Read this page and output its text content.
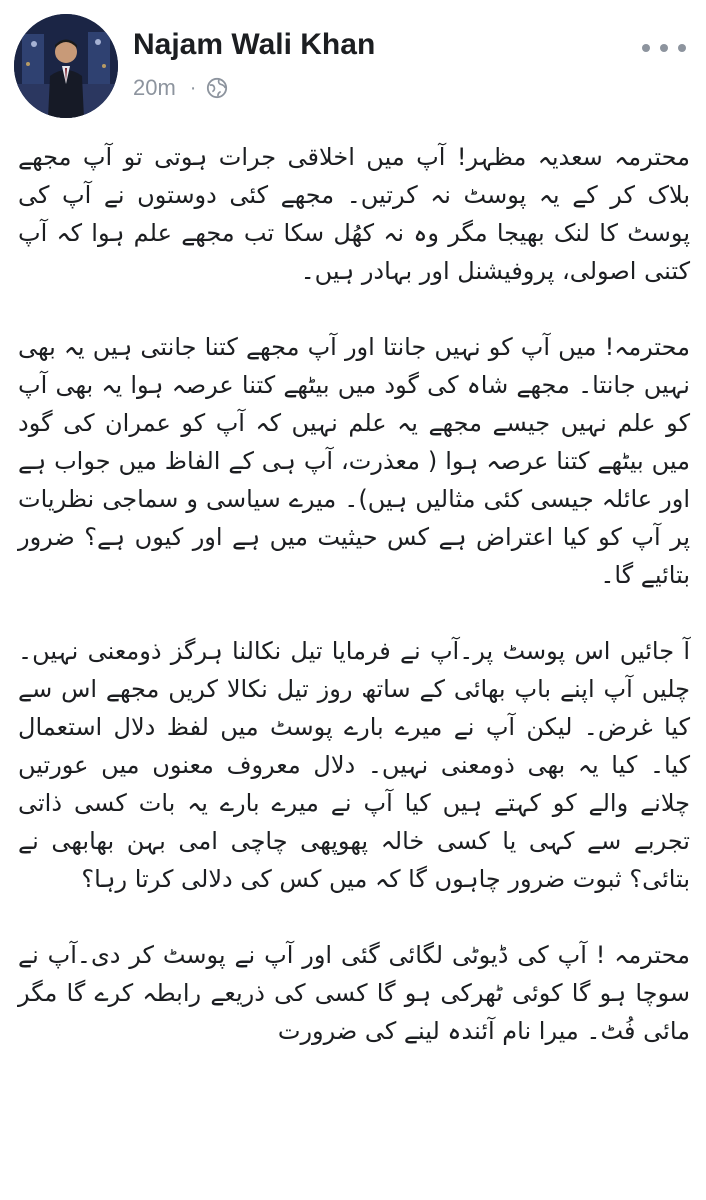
Najam Wali Khan
20m ·

محترمہ سعدیہ مظہر! آپ میں اخلاقی جرات ہوتی تو آپ مجھے بلاک کر کے یہ پوسٹ نہ کرتیں۔ مجھے کئی دوستوں نے آپ کی پوسٹ کا لنک بھیجا مگر وہ نہ کھُل سکا تب مجھے علم ہوا کہ آپ کتنی اصولی، پروفیشنل اور بہادر ہیں۔

محترمہ! میں آپ کو نہیں جانتا اور آپ مجھے کتنا جانتی ہیں یہ بھی نہیں جانتا۔ مجھے شاہ کی گود میں بیٹھے کتنا عرصہ ہوا یہ بھی آپ کو علم نہیں جیسے مجھے یہ علم نہیں کہ آپ کو عمران کی گود میں بیٹھے کتنا عرصہ ہوا ( معذرت، آپ ہی کے الفاظ میں جواب ہے اور عائلہ جیسی کئی مثالیں ہیں)۔ میرے سیاسی و سماجی نظریات پر آپ کو کیا اعتراض ہے کس حیثیت میں ہے اور کیوں ہے؟ ضرور بتائیے گا۔

آ جائیں اس پوسٹ پر۔آپ نے فرمایا تیل نکالنا ہرگز ذومعنی نہیں۔ چلیں آپ اپنے باپ بھائی کے ساتھ روز تیل نکالا کریں مجھے اس سے کیا غرض۔ لیکن آپ نے میرے بارے پوسٹ میں لفظ دلال استعمال کیا۔ کیا یہ بھی ذومعنی نہیں۔ دلال معروف معنوں میں عورتیں چلانے والے کو کہتے ہیں کیا آپ نے میرے بارے یہ بات کسی ذاتی تجربے سے کہی یا کسی خالہ پھوپھی چاچی امی بہن بھابھی نے بتائی؟ ثبوت ضرور چاہوں گا کہ میں کس کی دلالی کرتا رہا؟

محترمہ ! آپ کی ڈیوٹی لگائی گئی اور آپ نے پوسٹ کر دی۔آپ نے سوچا ہو گا کوئی ٹھرکی ہو گا کسی کی ذریعے رابطہ کرے گا مگر مائی فُٹ۔ میرا نام آئندہ لینے کی ضرورت
